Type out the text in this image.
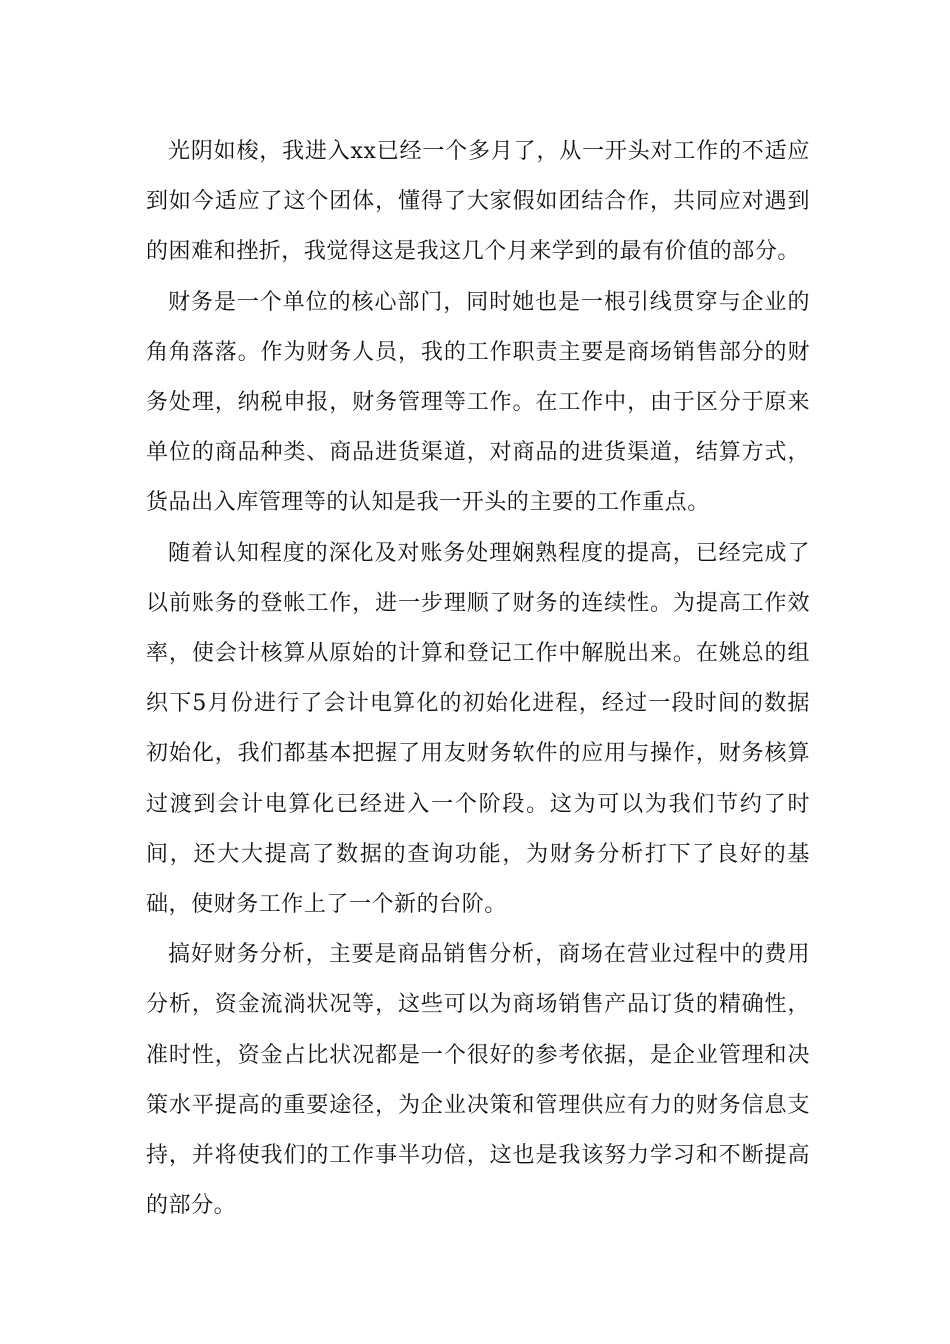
光阴如梭，我进入xx已经一个多月了，从一开头对工作的不适应到如今适应了这个团体，懂得了大家假如团结合作，共同应对遇到的困难和挫折，我觉得这是我这几个月来学到的最有价值的部分。

财务是一个单位的核心部门，同时她也是一根引线贯穿与企业的角角落落。作为财务人员，我的工作职责主要是商场销售部分的财务处理，纳税申报，财务管理等工作。在工作中，由于区分于原来单位的商品种类、商品进货渠道，对商品的进货渠道，结算方式，货品出入库管理等的认知是我一开头的主要的工作重点。

随着认知程度的深化及对账务处理娴熟程度的提高，已经完成了以前账务的登帐工作，进一步理顺了财务的连续性。为提高工作效率，使会计核算从原始的计算和登记工作中解脱出来。在姚总的组织下5月份进行了会计电算化的初始化进程，经过一段时间的数据初始化，我们都基本把握了用友财务软件的应用与操作，财务核算过渡到会计电算化已经进入一个阶段。这为可以为我们节约了时间，还大大提高了数据的查询功能，为财务分析打下了良好的基础，使财务工作上了一个新的台阶。

搞好财务分析，主要是商品销售分析，商场在营业过程中的费用分析，资金流淌状况等，这些可以为商场销售产品订货的精确性，准时性，资金占比状况都是一个很好的参考依据，是企业管理和决策水平提高的重要途径，为企业决策和管理供应有力的财务信息支持，并将使我们的工作事半功倍，这也是我该努力学习和不断提高的部分。
